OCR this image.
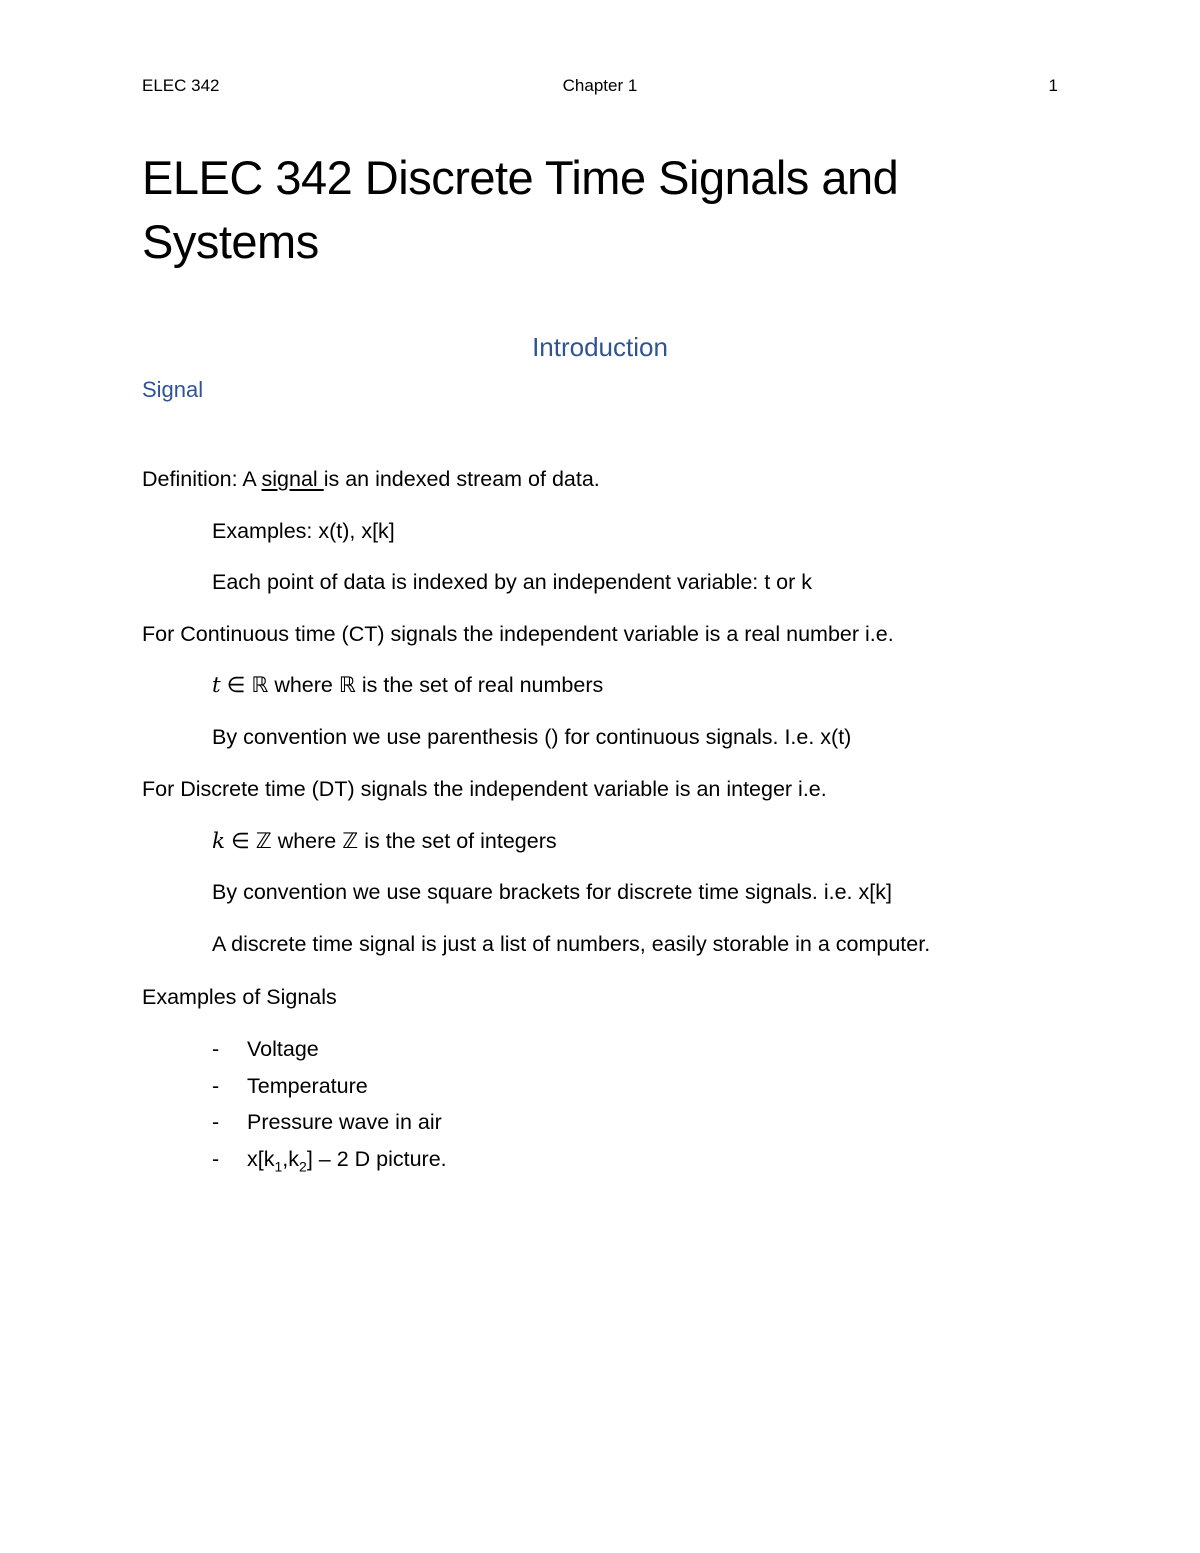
ELEC 342	Chapter 1	1
ELEC 342 Discrete Time Signals and
Systems
Introduction
Signal
Definition: A signal is an indexed stream of data.
Examples: x(t), x[k]
Each point of data is indexed by an independent variable: t or k
For Continuous time (CT) signals the independent variable is a real number i.e.
t ∈ ℝ where ℝ is the set of real numbers
By convention we use parenthesis () for continuous signals. I.e. x(t)
For Discrete time (DT) signals the independent variable is an integer i.e.
k ∈ ℤ where ℤ is the set of integers
By convention we use square brackets for discrete time signals. i.e. x[k]
A discrete time signal is just a list of numbers, easily storable in a computer.
Examples of Signals
- Voltage
- Temperature
- Pressure wave in air
- $x[k_1,k_2] - 2$ D picture.
